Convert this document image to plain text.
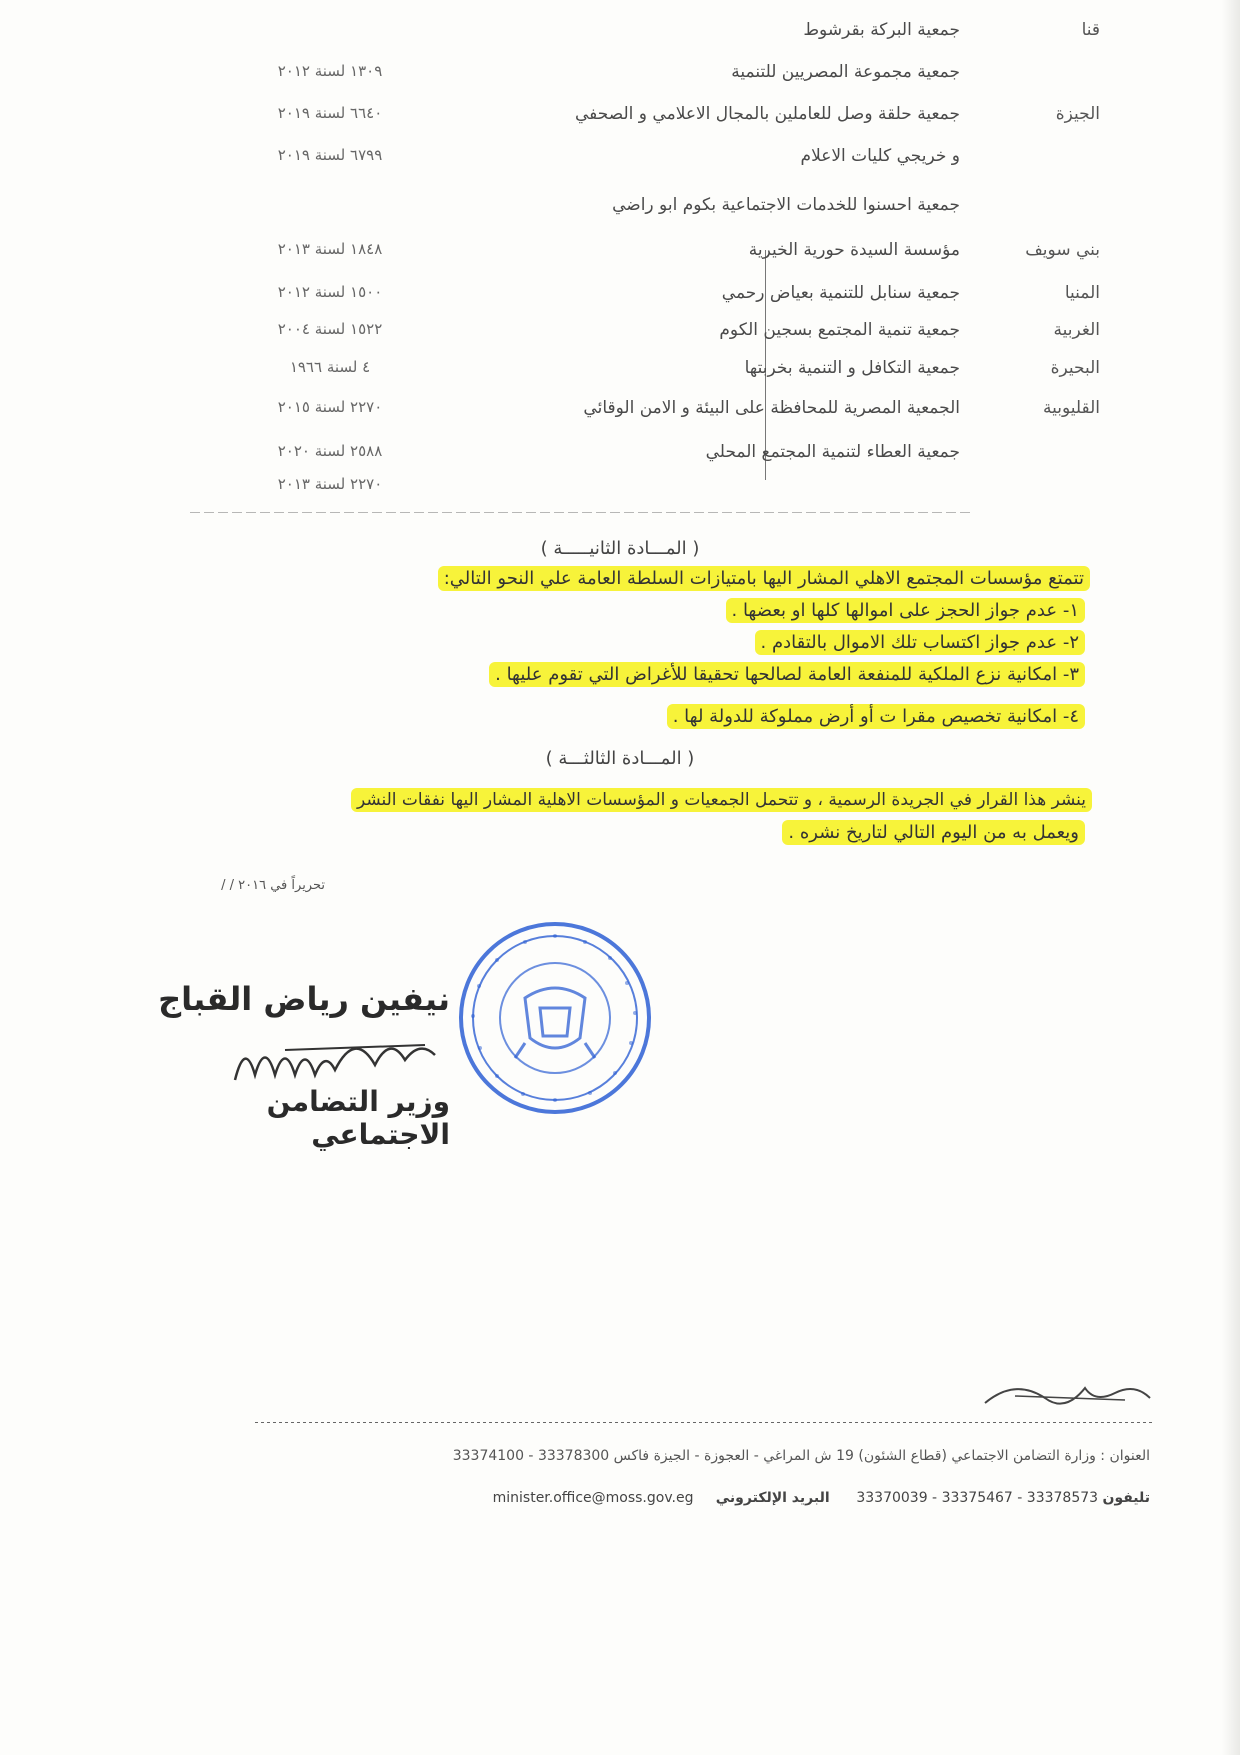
قنا
جمعية البركة بقرشوط
جمعية مجموعة المصريين للتنمية
١٣٠٩ لسنة ٢٠١٢
الجيزة
جمعية حلقة وصل للعاملين بالمجال الاعلامي و الصحفي
٦٦٤٠ لسنة ٢٠١٩
و خريجي كليات الاعلام
٦٧٩٩ لسنة ٢٠١٩
جمعية احسنوا للخدمات الاجتماعية بكوم ابو راضي
بني سويف
مؤسسة السيدة حورية الخيرية
١٨٤٨ لسنة ٢٠١٣
المنيا
جمعية سنابل للتنمية بعياض رحمي
١٥٠٠ لسنة ٢٠١٢
الغربية
جمعية تنمية المجتمع بسجين الكوم
١٥٢٢ لسنة ٢٠٠٤
البحيرة
جمعية التكافل و التنمية بخربتها
٤ لسنة ١٩٦٦
القليوبية
الجمعية المصرية للمحافظة على البيئة و الامن الوقائي
٢٢٧٠ لسنة ٢٠١٥
جمعية العطاء لتنمية المجتمع المحلي
٢٥٨٨ لسنة ٢٠٢٠
٢٢٧٠ لسنة ٢٠١٣
( المـــادة الثانيـــــة )
تتمتع مؤسسات المجتمع الاهلي المشار اليها بامتيازات السلطة العامة علي النحو التالي:
١- عدم جواز الحجز على اموالها كلها او بعضها .
٢- عدم جواز اكتساب تلك الاموال بالتقادم .
٣- امكانية نزع الملكية للمنفعة العامة لصالحها تحقيقا للأغراض التي تقوم عليها .
٤- امكانية تخصيص مقرا ت أو أرض مملوكة للدولة لها .
( المـــادة الثالثـــة )
ينشر هذا القرار في الجريدة الرسمية ، و تتحمل الجمعيات و المؤسسات الاهلية المشار اليها نفقات النشر
ويعمل به من اليوم التالي لتاريخ نشره .
تحريراً في ٢٠١٦ / /
نيفين رياض القباج
وزير التضامن الاجتماعي
العنوان : وزارة التضامن الاجتماعي (قطاع الشئون) 19 ش المراغي - العجوزة - الجيزة فاكس 33378300 - 33374100
تليفون 33378573 - 33375467 - 33370039      البريد الإلكتروني     minister.office@moss.gov.eg
